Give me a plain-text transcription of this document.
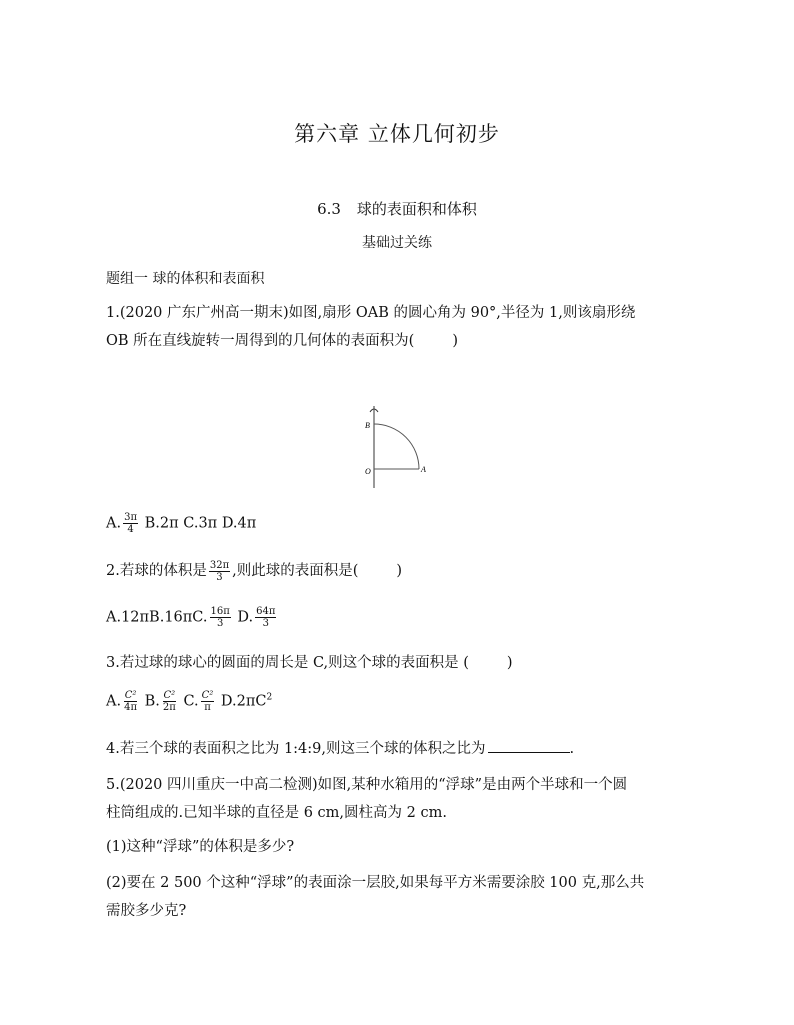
第六章 立体几何初步
6.3 球的表面积和体积
基础过关练
题组一 球的体积和表面积
1.(2020 广东广州高一期末)如图,扇形 OAB 的圆心角为 90°,半径为 1,则该扇形绕
OB 所在直线旋转一周得到的几何体的表面积为(	)
B
O	A
A. $\frac{3\pi}{4} B.2\pi$ C.3π D.4π
2.若球的体积是 $\frac{32\pi}{3}$ ,则此球的表面积是(	)
A.12πB.16πC. $\frac{16\pi}{3} D$. $\frac{64\pi}{3}$
3.若过球的球心的圆面的周长是 C,则这个球的表面积是 (	)
A. $\frac{\text{C²}}{4\pi} B$. $\frac{\text{C²}}{2\pi} C$. $\frac{\text{C²}}{\pi} D.2\pi C^2$
4.若三个球的表面积之比为 1:4:9,则这三个球的体积之比为	.
5.(2020 四川重庆一中高二检测)如图,某种水箱用的“浮球”是由两个半球和一个圆
柱筒组成的.已知半球的直径是 6 cm,圆柱高为 2 cm.
(1)这种“浮球”的体积是多少?
(2)要在 2 500 个这种“浮球”的表面涂一层胶,如果每平方米需要涂胶 100 克,那么共
需胶多少克?
